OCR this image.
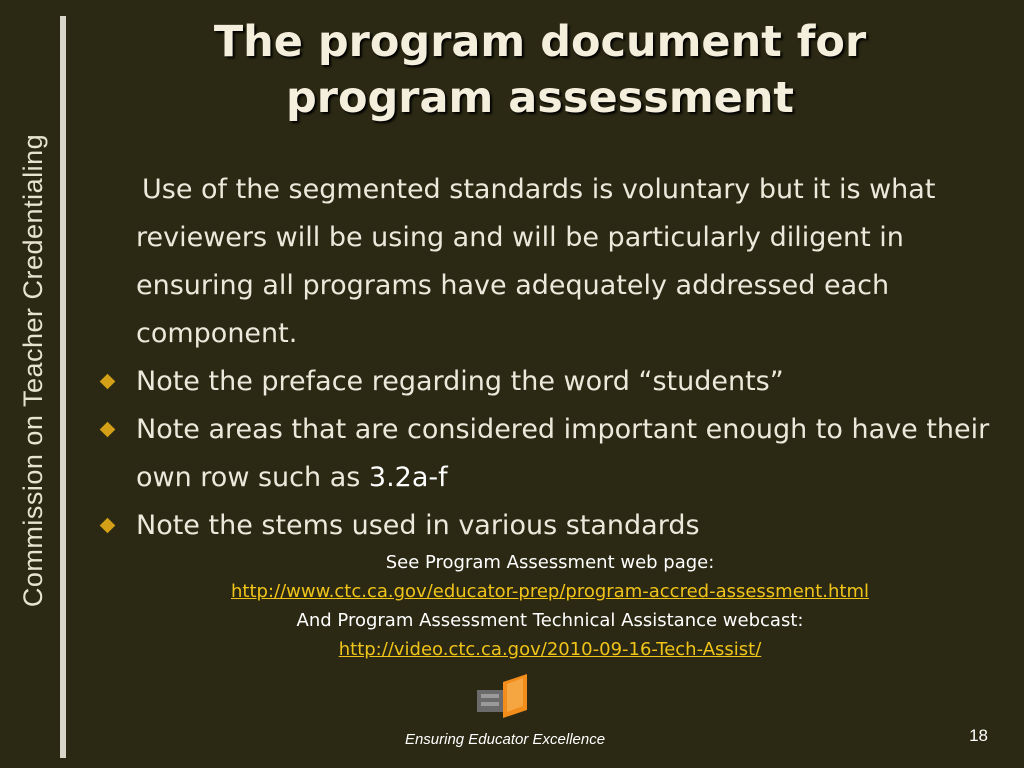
Commission on Teacher Credentialing
The program document for
program assessment
Use of the segmented standards is voluntary but it is what reviewers will be using and will be particularly diligent in ensuring all programs have adequately addressed each component.
Note the preface regarding the word “students”
Note areas that are considered important enough to have their own row such as 3.2a-f
Note the stems used in various standards
See Program Assessment web page:
http://www.ctc.ca.gov/educator-prep/program-accred-assessment.html
And Program Assessment Technical Assistance webcast:
http://video.ctc.ca.gov/2010-09-16-Tech-Assist/
Ensuring Educator Excellence	18
